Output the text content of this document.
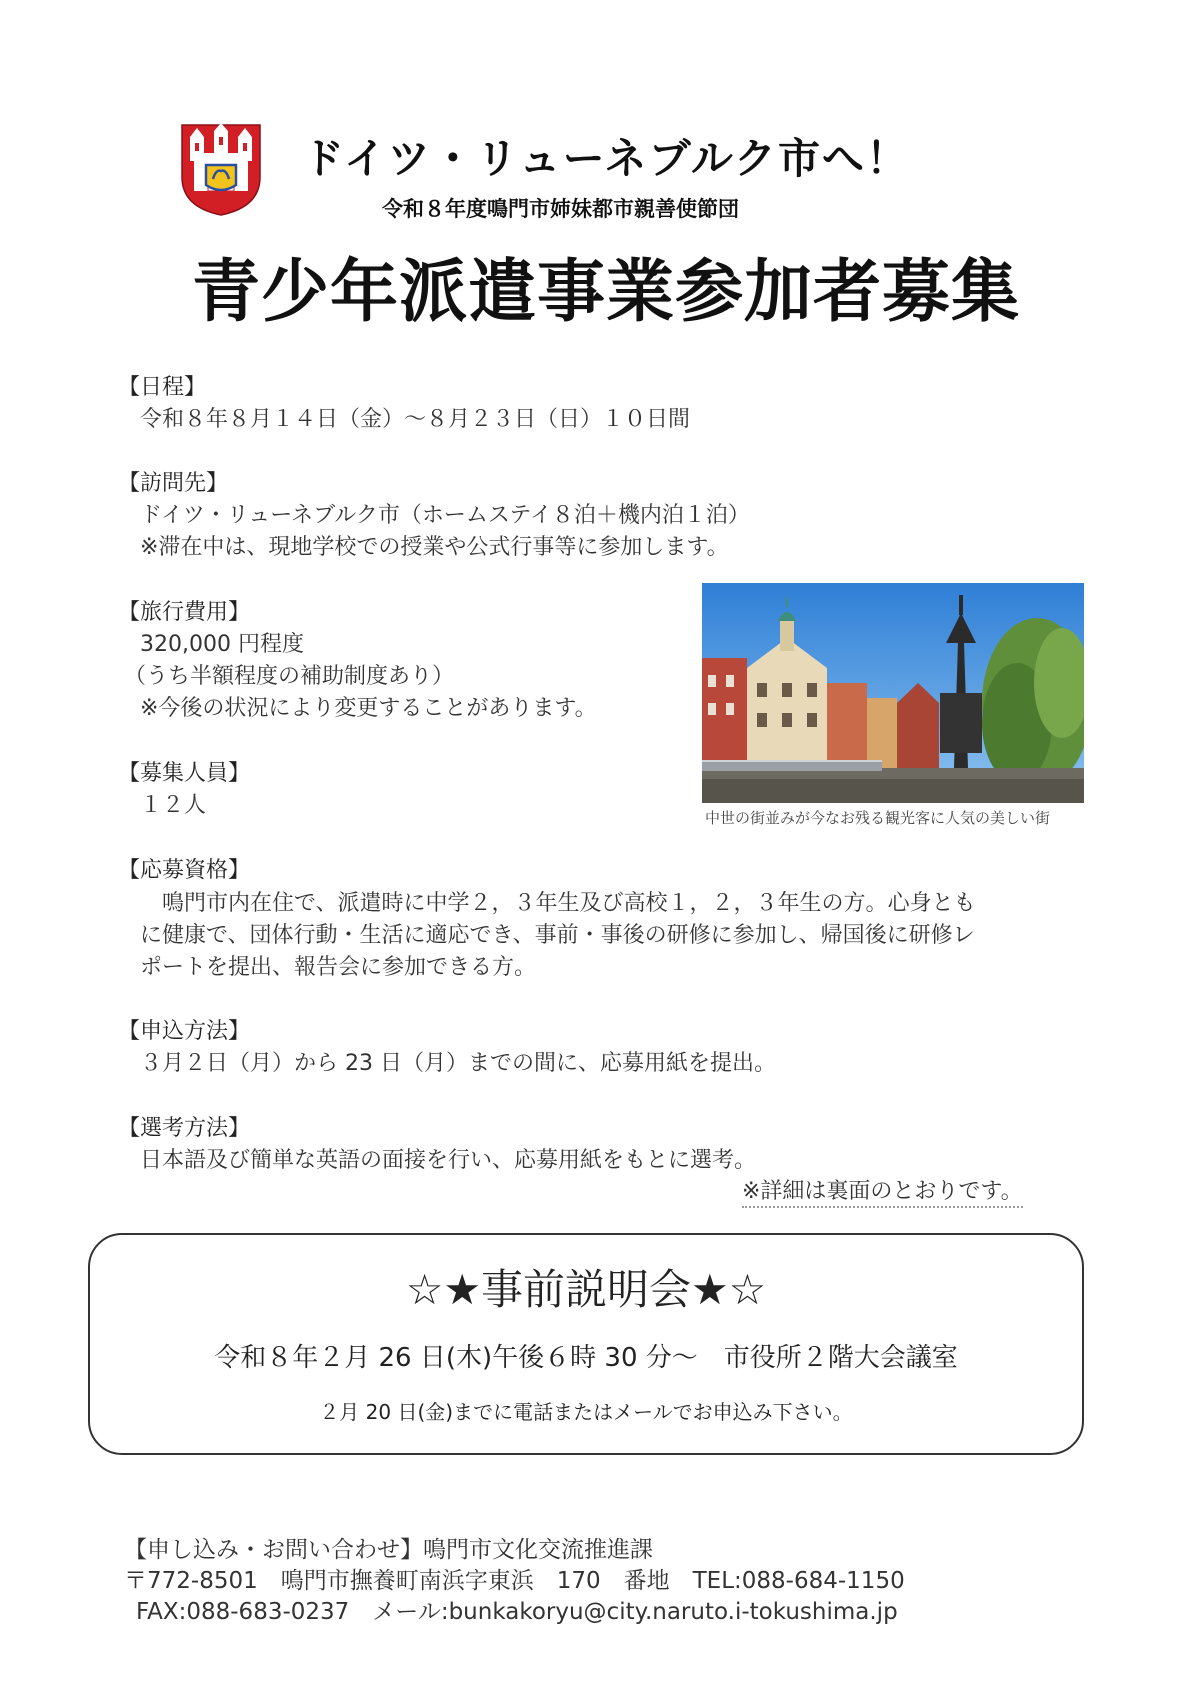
ドイツ・リューネブルク市へ！
令和８年度鳴門市姉妹都市親善使節団
青少年派遣事業参加者募集
【日程】
令和８年８月１４日（金）～８月２３日（日）１０日間
【訪問先】
ドイツ・リューネブルク市（ホームステイ８泊＋機内泊１泊）
※滞在中は、現地学校での授業や公式行事等に参加します。
【旅行費用】
320,000 円程度
（うち半額程度の補助制度あり）
※今後の状況により変更することがあります。
【募集人員】
１２人
【応募資格】
鳴門市内在住で、派遣時に中学２，３年生及び高校１，２，３年生の方。心身とも
に健康で、団体行動・生活に適応でき、事前・事後の研修に参加し、帰国後に研修レ
ポートを提出、報告会に参加できる方。
【申込方法】
３月２日（月）から 23 日（月）までの間に、応募用紙を提出。
【選考方法】
日本語及び簡単な英語の面接を行い、応募用紙をもとに選考。
※詳細は裏面のとおりです。
中世の街並みが今なお残る観光客に人気の美しい街
☆★事前説明会★☆
令和８年２月 26 日(木)午後６時 30 分～　市役所２階大会議室
２月 20 日(金)までに電話またはメールでお申込み下さい。
【申し込み・お問い合わせ】鳴門市文化交流推進課
〒772-8501　鳴門市撫養町南浜字東浜　170　番地　TEL:088-684-1150
FAX:088-683-0237　メール:bunkakoryu@city.naruto.i-tokushima.jp
